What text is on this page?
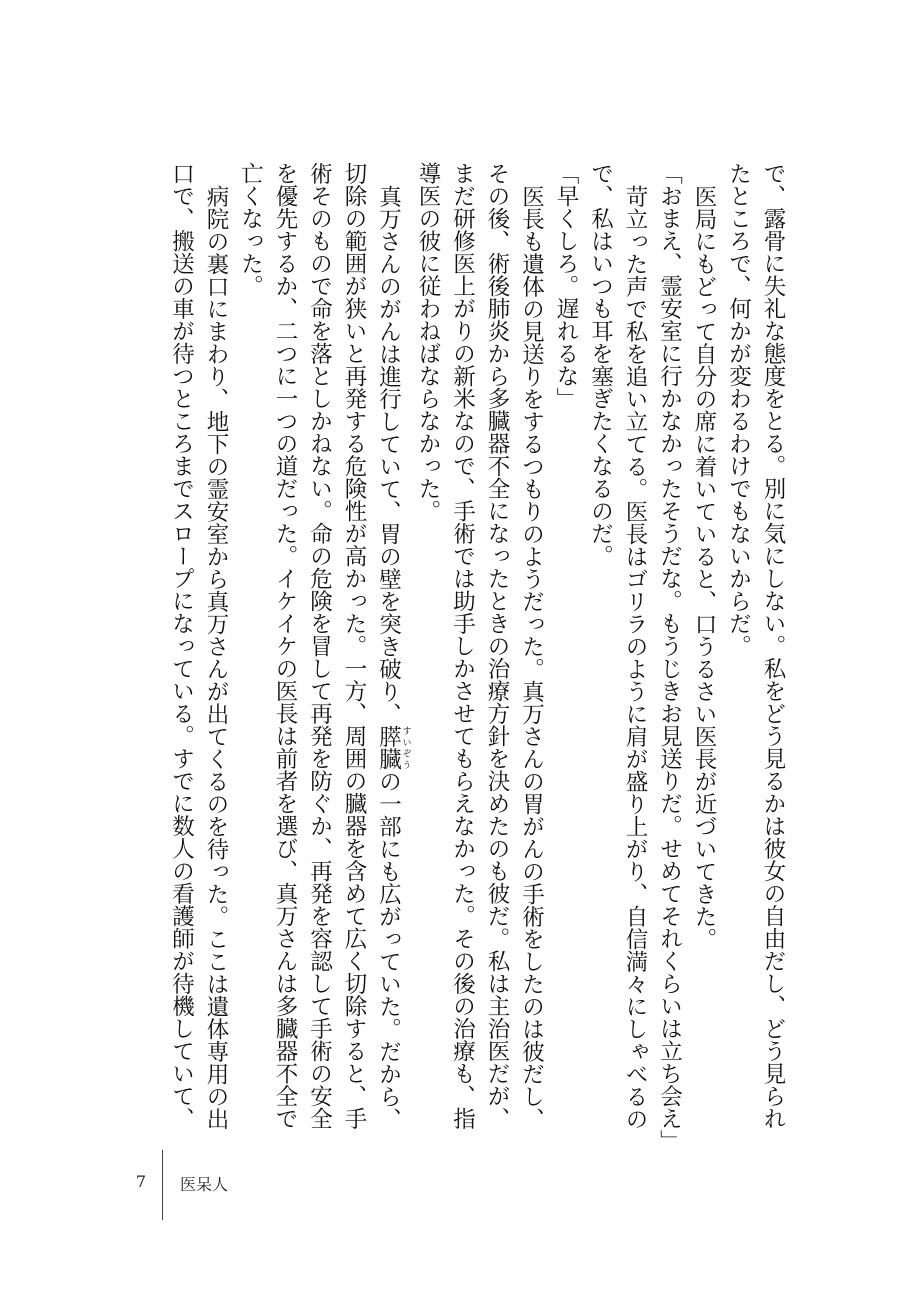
で、露骨に失礼な態度をとる。別に気にしない。私をどう見るかは彼女の自由だし、どう見られたところで、何かが変わるわけでもないからだ。

医局にもどって自分の席に着いていると、口うるさい医長が近づいてきた。

「おまえ、霊安室に行かなかったそうだな。もうじきお見送りだ。せめてそれくらいは立ち会え」

苛立った声で私を追い立てる。医長はゴリラのように肩が盛り上がり、自信満々にしゃべるので、私はいつも耳を塞ぎたくなるのだ。

「早くしろ。遅れるな」

医長も遺体の見送りをするつもりのようだった。真万さんの胃がんの手術をしたのは彼だし、その後、術後肺炎から多臓器不全になったときの治療方針を決めたのも彼だ。私は主治医だが、まだ研修医上がりの新米なので、手術では助手しかさせてもらえなかった。その後の治療も、指導医の彼に従わねばならなかった。

真万さんのがんは進行していて、胃の壁を突き破り、膵臓 すいぞうの一部にも広がっていた。だから、切除の範囲が狭いと再発する危険性が高かった。一方、周囲の臓器を含めて広く切除すると、手術そのもので命を落としかねない。命の危険を冒して再発を防ぐか、再発を容認して手術の安全を優先するか、二つに一つの道だった。イケイケの医長は前者を選び、真万さんは多臓器不全で亡くなった。

病院の裏口にまわり、地下の霊安室から真万さんが出てくるのを待った。ここは遺体専用の出口で、搬送の車が待つところまでスロープになっている。すでに数人の看護師が待機していて、

7 医呆人
